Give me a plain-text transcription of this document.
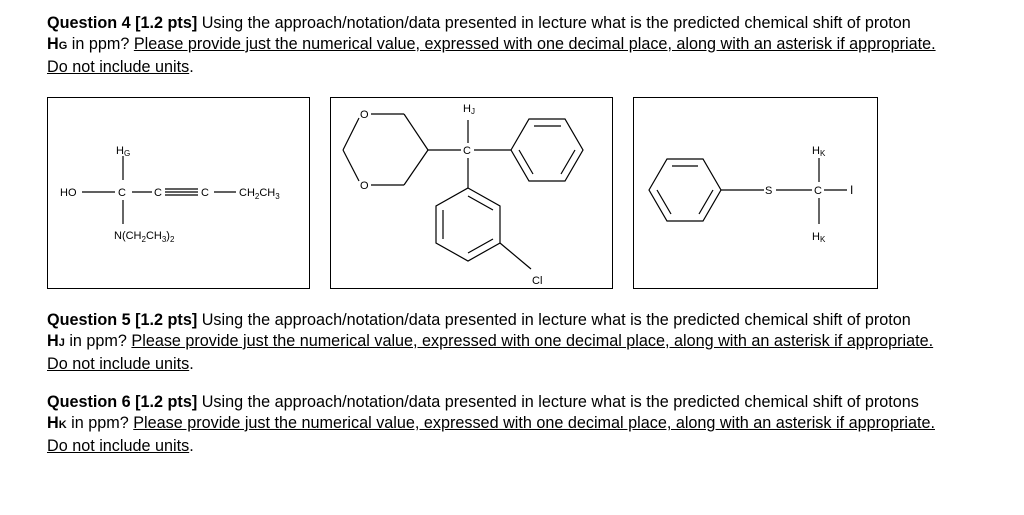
Question 4 [1.2 pts] Using the approach/notation/data presented in lecture what is the predicted chemical shift of proton
HG in ppm? Please provide just the numerical value, expressed with one decimal place, along with an asterisk if appropriate.
Do not include units.
HG
HO	C	C	C	$CH_2CH_3$
$N(CH_2CH_3)_2$
O
O
HJ
C
Cl
HK
S	C I
HK
Question 5 [1.2 pts] Using the approach/notation/data presented in lecture what is the predicted chemical shift of proton
HJ in ppm? Please provide just the numerical value, expressed with one decimal place, along with an asterisk if appropriate.
Do not include units.
Question 6 [1.2 pts] Using the approach/notation/data presented in lecture what is the predicted chemical shift of protons
HK in ppm? Please provide just the numerical value, expressed with one decimal place, along with an asterisk if appropriate.
Do not include units.
